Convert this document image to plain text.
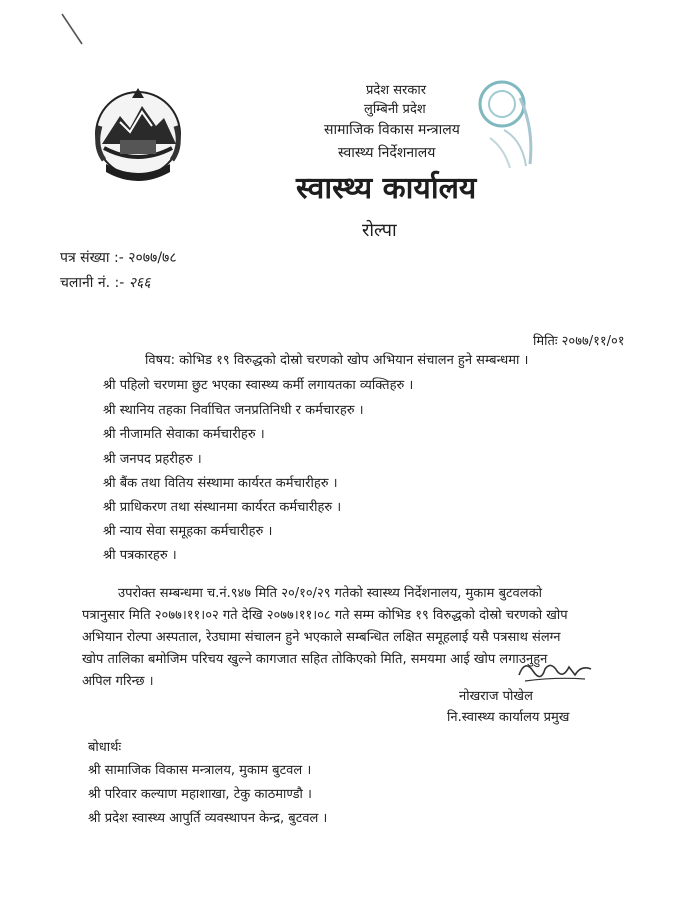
प्रदेश सरकार
लुम्बिनी प्रदेश
सामाजिक विकास मन्त्रालय
स्वास्थ्य निर्देशनालय
स्वास्थ्य कार्यालय
रोल्पा
पत्र संख्या :- २०७७/७८
चलानी नं. :- २६६
मितिः २०७७/११/०१
विषय: कोभिड १९ विरुद्धको दोस्रो चरणको खोप अभियान संचालन हुने सम्बन्धमा ।
श्री पहिलो चरणमा छुट भएका स्वास्थ्य कर्मी लगायतका व्यक्तिहरु ।
श्री स्थानिय तहका निर्वाचित जनप्रतिनिधी र कर्मचारहरु ।
श्री नीजामति सेवाका कर्मचारीहरु ।
श्री जनपद प्रहरीहरु ।
श्री बैंक तथा वितिय संस्थामा कार्यरत कर्मचारीहरु ।
श्री प्राधिकरण तथा संस्थानमा कार्यरत कर्मचारीहरु ।
श्री न्याय सेवा समूहका कर्मचारीहरु ।
श्री पत्रकारहरु ।
उपरोक्त सम्बन्धमा च.नं.९४७ मिति २०/१०/२९ गतेको स्वास्थ्य निर्देशनालय, मुकाम बुटवलको
पत्रानुसार मिति २०७७।११।०२ गते देखि २०७७।११।०८ गते सम्म कोभिड १९ विरुद्धको दोस्रो चरणको खोप
अभियान रोल्पा अस्पताल, रेउघामा संचालन हुने भएकाले सम्बन्धित लक्षित समूहलाई यसै पत्रसाथ संलग्न
खोप तालिका बमोजिम परिचय खुल्ने कागजात सहित तोकिएको मिति, समयमा आई खोप लगाउनुहुन
अपिल गरिन्छ ।
नोखराज पोखेल
नि.स्वास्थ्य कार्यालय प्रमुख
बोधार्थः
श्री सामाजिक विकास मन्त्रालय, मुकाम बुटवल ।
श्री परिवार कल्याण महाशाखा, टेकु काठमाण्डौ ।
श्री प्रदेश स्वास्थ्य आपुर्ति व्यवस्थापन केन्द्र, बुटवल ।
